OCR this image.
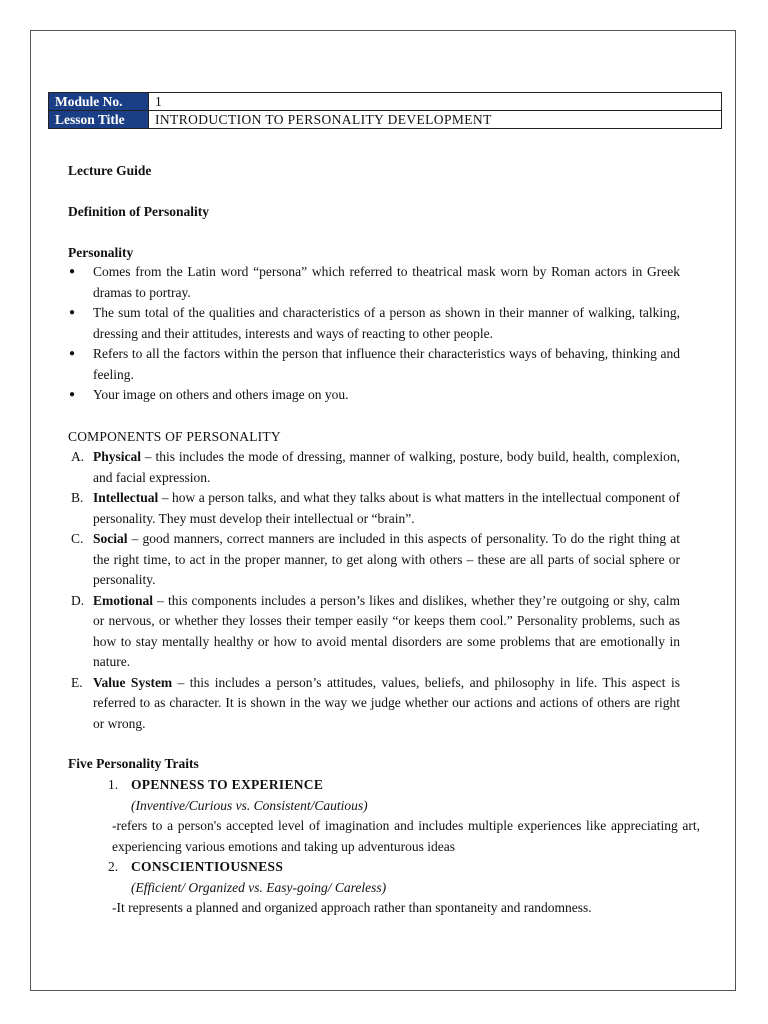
Module No.	1
Lesson Title	INTRODUCTION TO PERSONALITY DEVELOPMENT
Lecture Guide
Definition of Personality
Personality
● Comes from the Latin word “persona” which referred to theatrical mask worn by Roman actors in Greek dramas to portray.
● The sum total of the qualities and characteristics of a person as shown in their manner of walking, talking, dressing and their attitudes, interests and ways of reacting to other people.
● Refers to all the factors within the person that influence their characteristics ways of behaving, thinking and feeling.
● Your image on others and others image on you.
COMPONENTS OF PERSONALITY
A. Physical – this includes the mode of dressing, manner of walking, posture, body build, health, complexion, and facial expression.
B. Intellectual – how a person talks, and what they talks about is what matters in the intellectual component of personality. They must develop their intellectual or “brain”.
C. Social – good manners, correct manners are included in this aspects of personality. To do the right thing at the right time, to act in the proper manner, to get along with others – these are all parts of social sphere or personality.
D. Emotional – this components includes a person’s likes and dislikes, whether they’re outgoing or shy, calm or nervous, or whether they losses their temper easily “or keeps them cool.” Personality problems, such as how to stay mentally healthy or how to avoid mental disorders are some problems that are emotionally in nature.
E. Value System – this includes a person’s attitudes, values, beliefs, and philosophy in life. This aspect is referred to as character. It is shown in the way we judge whether our actions and actions of others are right or wrong.
Five Personality Traits
1. OPENNESS TO EXPERIENCE
(Inventive/Curious vs. Consistent/Cautious)
-refers to a person's accepted level of imagination and includes multiple experiences like appreciating art, experiencing various emotions and taking up adventurous ideas
2. CONSCIENTIOUSNESS
(Efficient/ Organized vs. Easy-going/ Careless)
-It represents a planned and organized approach rather than spontaneity and randomness.
